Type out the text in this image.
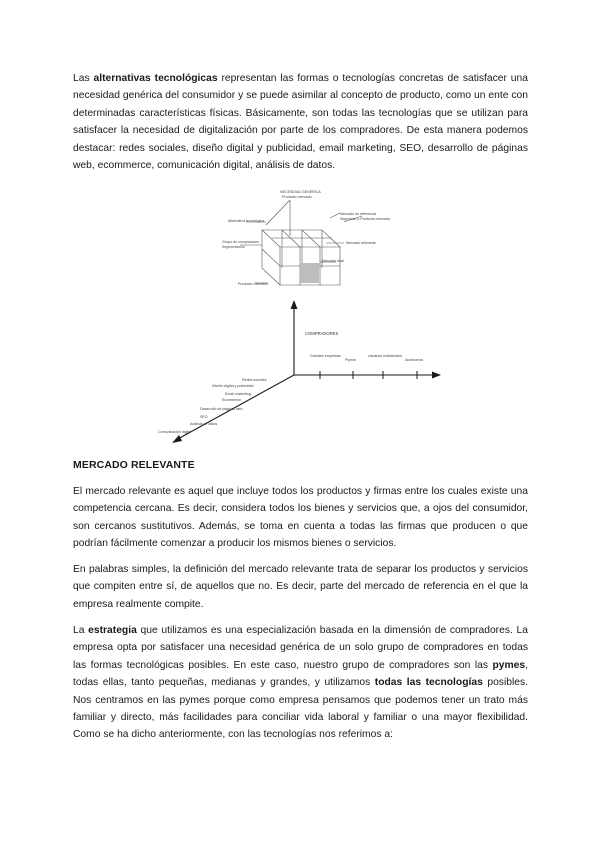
Las alternativas tecnológicas representan las formas o tecnologías concretas de satisfacer una necesidad genérica del consumidor y se puede asimilar al concepto de producto, como un ente con determinadas características físicas. Básicamente, son todas las tecnologías que se utilizan para satisfacer la necesidad de digitalización por parte de los compradores. De esta manera podemos destacar: redes sociales, diseño digital y publicidad, email marketing, SEO, desarrollo de páginas web, ecommerce, comunicación digital, análisis de datos.

NECESIDAD GENÉRICA
Producto-mercado
Alternativa tecnológica
Grupo de compradores
Segmentación
Mercado de referencia
Segmento o Producto-mercado
Mercado relevante
Mercado total
Producto-mercado
COMPRADORES
Grandes empresas
Pymes
Usuarios individuales
Autónomos
Redes sociales
Diseño digital y publicidad
Email marketing
Ecommerce
Desarrollo de páginas web
SEO
Análisis de datos
Comunicación digital
MERCADO RELEVANTE

El mercado relevante es aquel que incluye todos los productos y firmas entre los cuales existe una competencia cercana. Es decir, considera todos los bienes y servicios que, a ojos del consumidor, son cercanos sustitutivos. Además, se toma en cuenta a todas las firmas que producen o que podrían fácilmente comenzar a producir los mismos bienes o servicios.

En palabras simples, la definición del mercado relevante trata de separar los productos y servicios que compiten entre sí, de aquellos que no. Es decir, parte del mercado de referencia en el que la empresa realmente compite.

La estrategia que utilizamos es una especialización basada en la dimensión de compradores. La empresa opta por satisfacer una necesidad genérica de un solo grupo de compradores en todas las formas tecnológicas posibles. En este caso, nuestro grupo de compradores son las pymes, todas ellas, tanto pequeñas, medianas y grandes, y utilizamos todas las tecnologías posibles. Nos centramos en las pymes porque como empresa pensamos que podemos tener un trato más familiar y directo, más facilidades para conciliar vida laboral y familiar o una mayor flexibilidad. Como se ha dicho anteriormente, con las tecnologías nos referimos a:
